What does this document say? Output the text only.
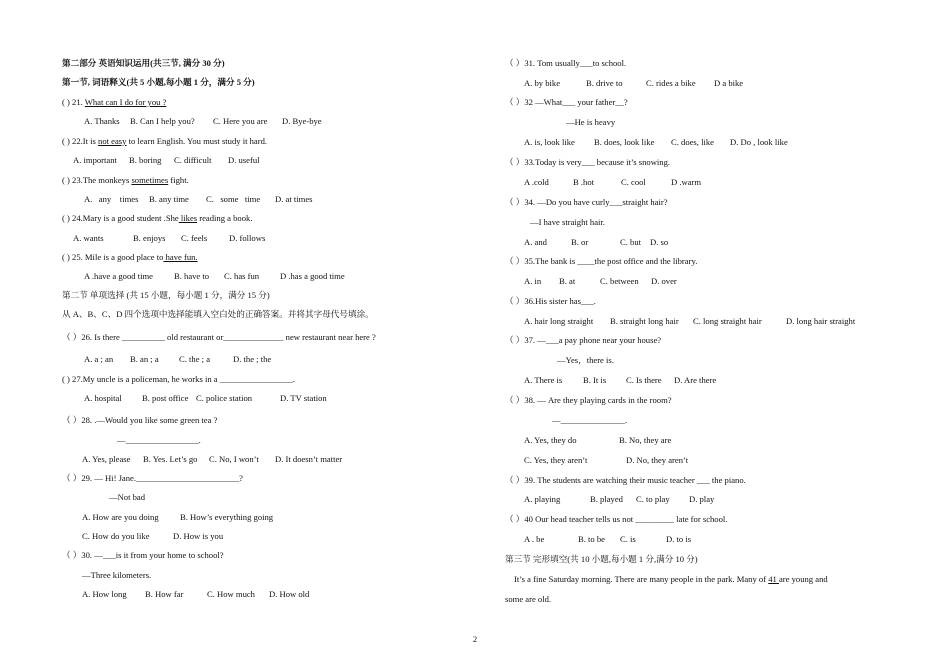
第二部分 英语知识运用(共三节, 满分 30 分)
第一节, 词语释义(共 5 小题,每小题 1 分，满分 5 分)
( ) 21. What can I do for you ?
A. Thanks B. Can I help you? C. Here you are D. Bye-bye
( ) 22.It is not easy to learn English. You must study it hard.
A. important B. boring C. difficult D. useful
( ) 23.The monkeys sometimes fight.
A.   any    times B. any time C.   some   time D. at times
( ) 24.Mary is a good student .She likes reading a book.
A. wants	B. enjoys C. feels	D. follows
( ) 25. Mile is a good place to have fun.
A .have a good time B. have to C. has fun D .has a good time
第二节 单项选择 (共 15 小题，每小题 1 分，满分 15 分)
从 A、B、C、D 四个选项中选择能填入空白处的正确答案。并将其字母代号填涂。
（ ）26. Is there __________ old restaurant or______________ new restaurant near here ?
A. a ; an B. an ; a C. the ; a	D. the ; the
( ) 27.My uncle is a policeman, he works in a _________________.
A. hospital B. post office C. police station	D. TV station
（ ）28. .—Would you like some green tea ?
—_________________.
A. Yes, please B. Yes. Let’s go C. No, I won’t D. It doesn’t matter
（ ）29. — Hi! Jane.________________________?
—Not bad
A. How are you doing B. How’s everything going
C. How do you like	D. How is you
（ ）30. —___is it from your home to school?
—Three kilometers.
A. How long B. How far	C. How much D. How old
（ ）31. Tom usually___to school.
A. by bike	B. drive to	C. rides a bike D a bike
（ ）32 —What___ your father__?
—He is heavy
A. is, look like B. does, look like C. does, like D. Do , look like
（ ）33.Today is very___ because it’s snowing.
A .cold	B .hot	C. cool	D .warm
（ ）34. —Do you have curly___straight hair?
—I have straight hair.
A. and	B. or	C. but D. so
（ ）35.The bank is ____the post office and the library.
A. in B. at	C. between D. over
（ ）36.His sister has___.
A. hair long straight B. straight long hair C. long straight hair	D. long hair straight
（ ）37. —___a pay phone near your house?
—Yes，there is.
A. There is B. It is C. Is there D. Are there
（ ）38. — Are they playing cards in the room?
—_______________.
A. Yes, they do	B. No, they are
C. Yes, they aren’t	D. No, they aren’t
（ ）39. The students are watching their music teacher ___ the piano.
A. playing	B. played C. to play D. play
（ ）40 Our head teacher tells us not _________ late for school.
A . be	B. to be C. is	D. to is
第三节 完形填空(共 10 小题,每小题 1 分,满分 10 分)
It’s a fine Saturday morning. There are many people in the park. Many of 41 are young and
some are old.
2
